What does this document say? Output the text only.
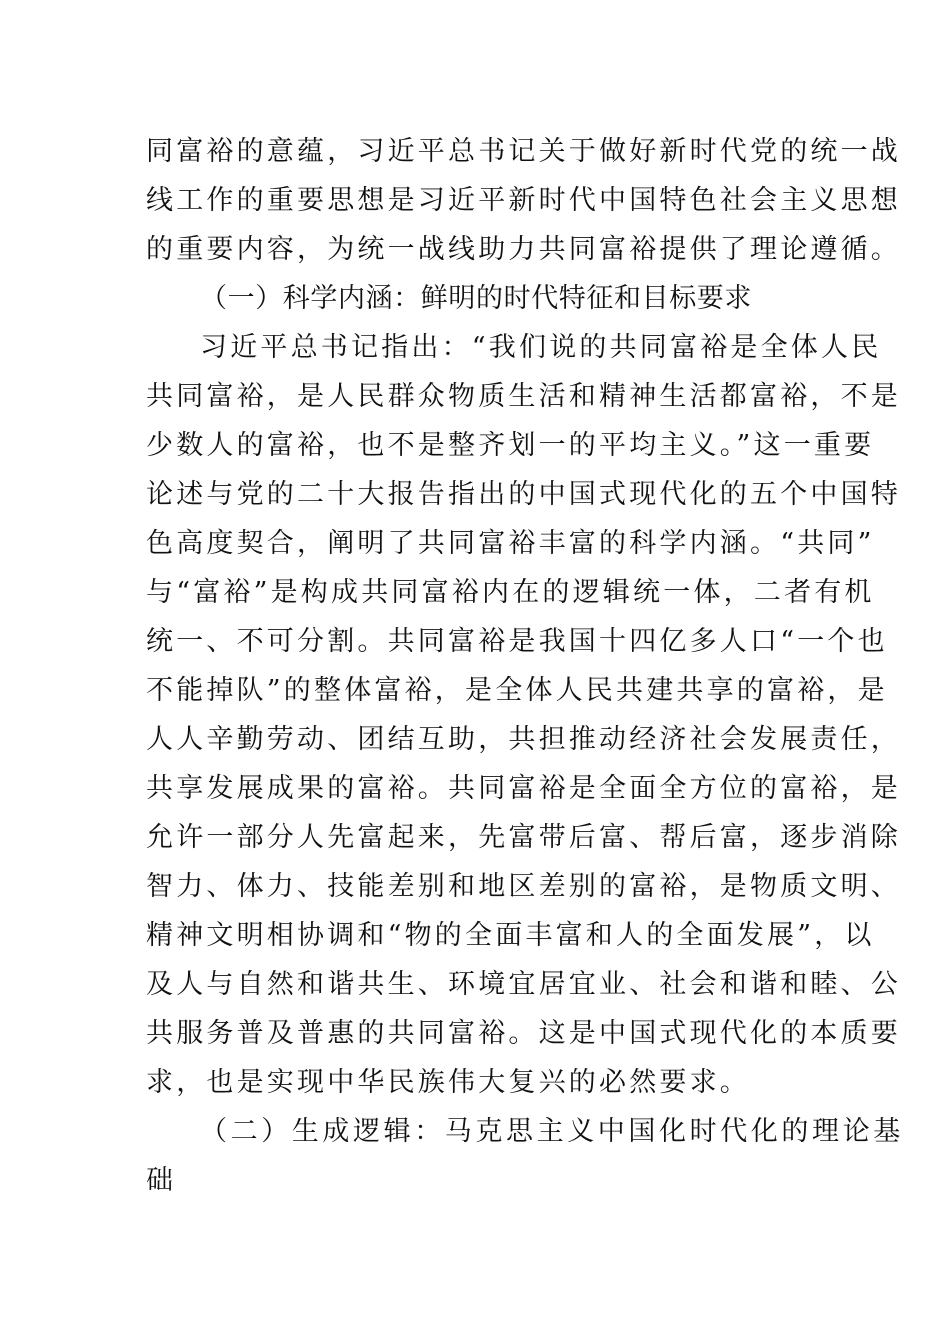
同富裕的意蕴，习近平总书记关于做好新时代党的统一战
线工作的重要思想是习近平新时代中国特色社会主义思想
的重要内容，为统一战线助力共同富裕提供了理论遵循。
（一）科学内涵：鲜明的时代特征和目标要求
习近平总书记指出：“我们说的共同富裕是全体人民
共同富裕，是人民群众物质生活和精神生活都富裕，不是
少数人的富裕，也不是整齐划一的平均主义。”这一重要
论述与党的二十大报告指出的中国式现代化的五个中国特
色高度契合，阐明了共同富裕丰富的科学内涵。“共同”
与“富裕”是构成共同富裕内在的逻辑统一体，二者有机
统一、不可分割。共同富裕是我国十四亿多人口“一个也
不能掉队”的整体富裕，是全体人民共建共享的富裕，是
人人辛勤劳动、团结互助，共担推动经济社会发展责任，
共享发展成果的富裕。共同富裕是全面全方位的富裕，是
允许一部分人先富起来，先富带后富、帮后富，逐步消除
智力、体力、技能差别和地区差别的富裕，是物质文明、
精神文明相协调和“物的全面丰富和人的全面发展”，以
及人与自然和谐共生、环境宜居宜业、社会和谐和睦、公
共服务普及普惠的共同富裕。这是中国式现代化的本质要
求，也是实现中华民族伟大复兴的必然要求。
（二）生成逻辑：马克思主义中国化时代化的理论基
础
